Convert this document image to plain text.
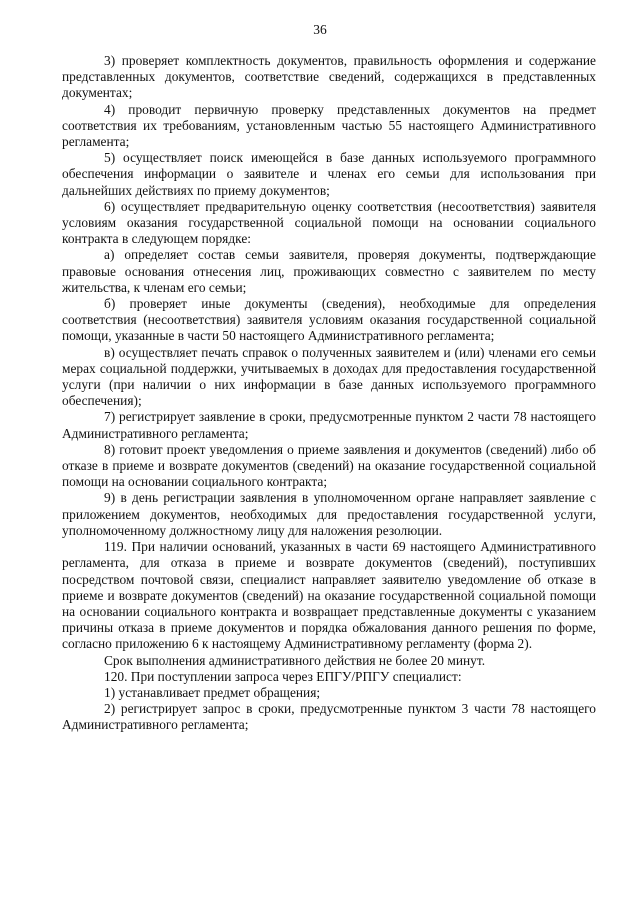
36

3) проверяет комплектность документов, правильность оформления и содержание представленных документов, соответствие сведений, содержащихся в представленных документах;

4) проводит первичную проверку представленных документов на предмет соответствия их требованиям, установленным частью 55 настоящего Административного регламента;

5) осуществляет поиск имеющейся в базе данных используемого программного обеспечения информации о заявителе и членах его семьи для использования при дальнейших действиях по приему документов;

6) осуществляет предварительную оценку соответствия (несоответствия) заявителя условиям оказания государственной социальной помощи на основании социального контракта в следующем порядке:

а) определяет состав семьи заявителя, проверяя документы, подтверждающие правовые основания отнесения лиц, проживающих совместно с заявителем по месту жительства, к членам его семьи;

б) проверяет иные документы (сведения), необходимые для определения соответствия (несоответствия) заявителя условиям оказания государственной социальной помощи, указанные в части 50 настоящего Административного регламента;

в) осуществляет печать справок о полученных заявителем и (или) членами его семьи мерах социальной поддержки, учитываемых в доходах для предоставления государственной услуги (при наличии о них информации в базе данных используемого программного обеспечения);

7) регистрирует заявление в сроки, предусмотренные пунктом 2 части 78 настоящего Административного регламента;

8) готовит проект уведомления о приеме заявления и документов (сведений) либо об отказе в приеме и возврате документов (сведений) на оказание государственной социальной помощи на основании социального контракта;

9) в день регистрации заявления в уполномоченном органе направляет заявление с приложением документов, необходимых для предоставления государственной услуги, уполномоченному должностному лицу для наложения резолюции.

119. При наличии оснований, указанных в части 69 настоящего Административного регламента, для отказа в приеме и возврате документов (сведений), поступивших посредством почтовой связи, специалист направляет заявителю уведомление об отказе в приеме и возврате документов (сведений) на оказание государственной социальной помощи на основании социального контракта и возвращает представленные документы с указанием причины отказа в приеме документов и порядка обжалования данного решения по форме, согласно приложению 6 к настоящему Административному регламенту (форма 2).

Срок выполнения административного действия не более 20 минут.

120. При поступлении запроса через ЕПГУ/РПГУ специалист:

1) устанавливает предмет обращения;

2) регистрирует запрос в сроки, предусмотренные пунктом 3 части 78 настоящего Административного регламента;
